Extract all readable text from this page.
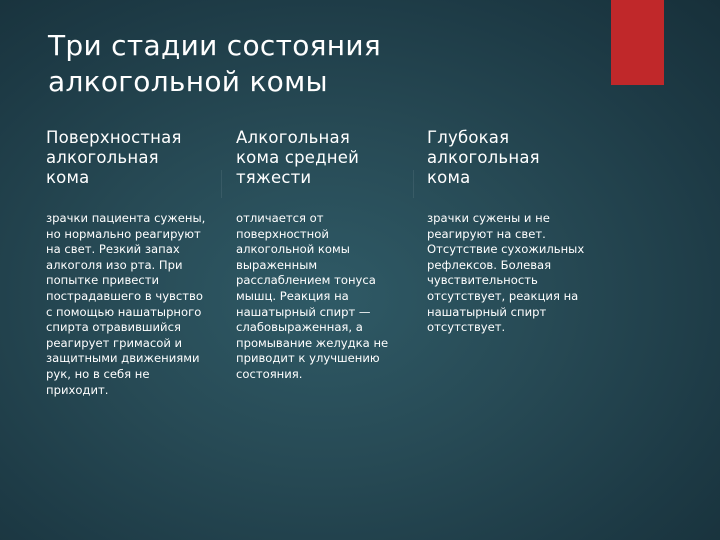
Три стадии состояния
алкогольной комы
Поверхностная
алкогольная
кома

зрачки пациента сужены, но нормально реагируют на свет. Резкий запах алкоголя изо рта. При попытке привести пострадавшего в чувство с помощью нашатырного спирта отравившийся реагирует гримасой и защитными движениями рук, но в себя не приходит.

Алкогольная
кома средней
тяжести

отличается от поверхностной алкогольной комы выраженным расслаблением тонуса мышц. Реакция на нашатырный спирт — слабовыраженная, а промывание желудка не приводит к улучшению состояния.

Глубокая
алкогольная
кома

зрачки сужены и не реагируют на свет. Отсутствие сухожильных рефлексов. Болевая чувствительность отсутствует, реакция на нашатырный спирт отсутствует.
